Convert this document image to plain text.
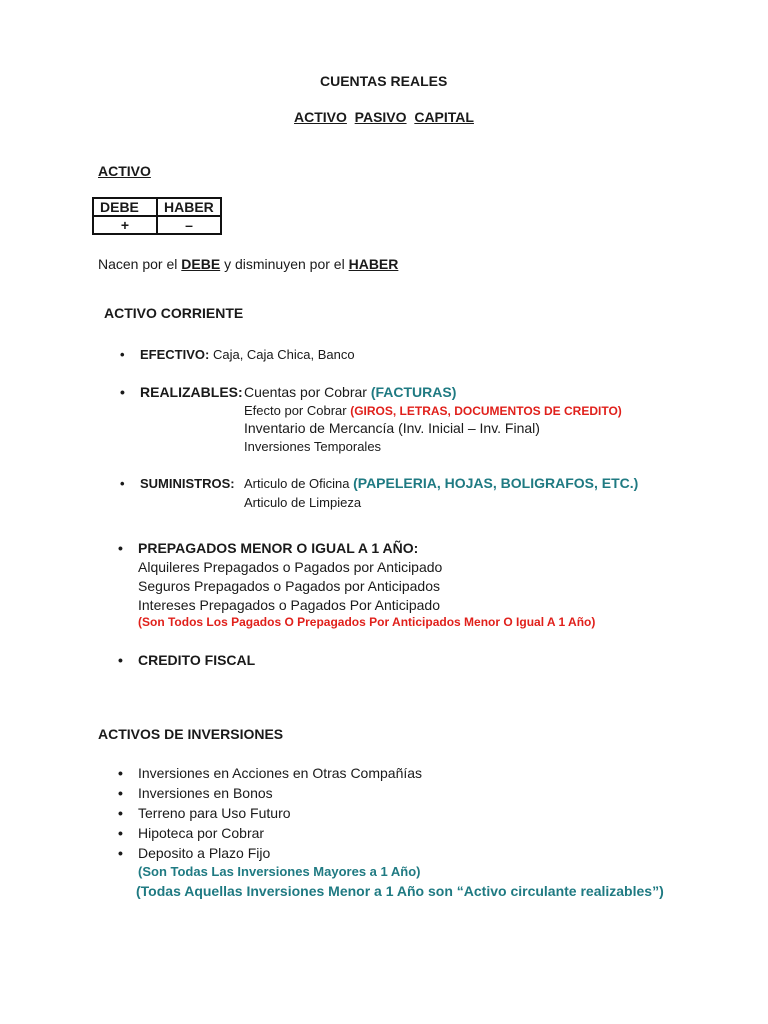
CUENTAS REALES
ACTIVO PASIVO CAPITAL
ACTIVO
DEBE	HABER
+	–
Nacen por el DEBE y disminuyen por el HABER
ACTIVO CORRIENTE
• EFECTIVO: Caja, Caja Chica, Banco
• REALIZABLES: Cuentas por Cobrar (FACTURAS)
Efecto por Cobrar (GIROS, LETRAS, DOCUMENTOS DE CREDITO)
Inventario de Mercancía (Inv. Inicial – Inv. Final)
Inversiones Temporales
• SUMINISTROS: Articulo de Oficina (PAPELERIA, HOJAS, BOLIGRAFOS, ETC.)
Articulo de Limpieza
• PREPAGADOS MENOR O IGUAL A 1 AÑO:
Alquileres Prepagados o Pagados por Anticipado
Seguros Prepagados o Pagados por Anticipados
Intereses Prepagados o Pagados Por Anticipado
(Son Todos Los Pagados O Prepagados Por Anticipados Menor O Igual A 1 Año)
• CREDITO FISCAL
ACTIVOS DE INVERSIONES
• Inversiones en Acciones en Otras Compañías
• Inversiones en Bonos
• Terreno para Uso Futuro
• Hipoteca por Cobrar
• Deposito a Plazo Fijo
(Son Todas Las Inversiones Mayores a 1 Año)
(Todas Aquellas Inversiones Menor a 1 Año son “Activo circulante realizables”)
